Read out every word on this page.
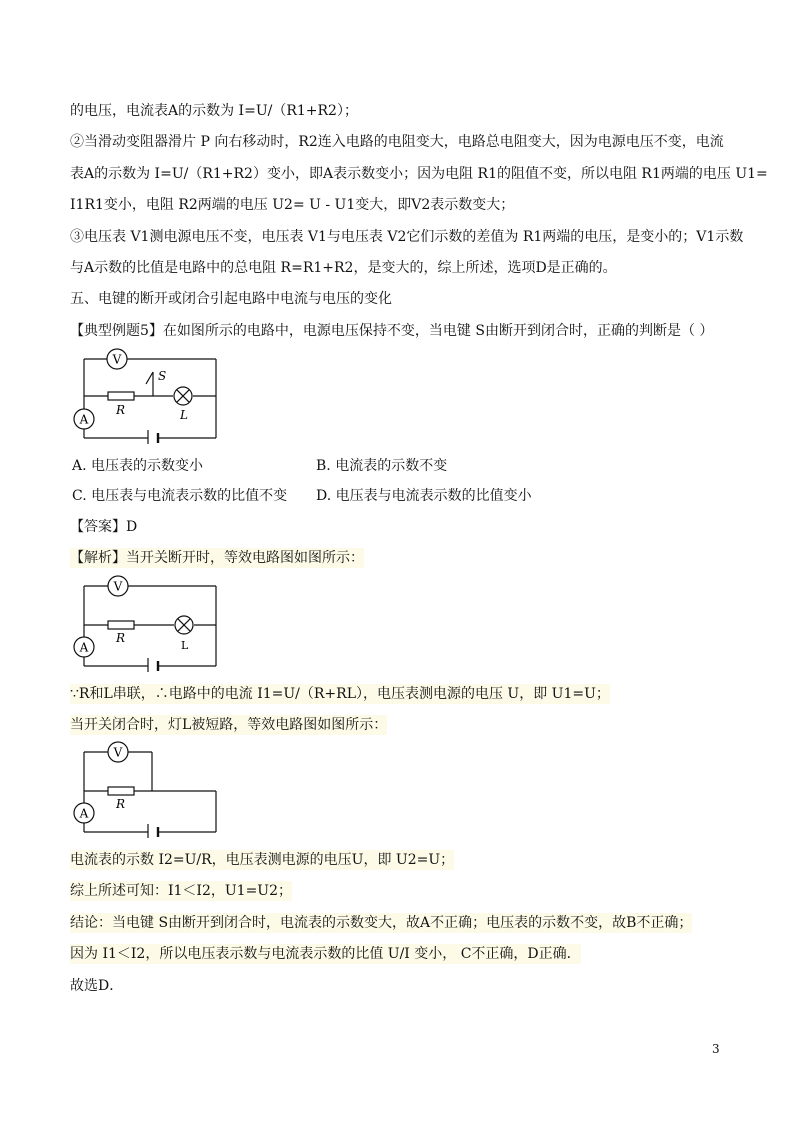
的电压，电流表A的示数为 I=U/（R1+R2）；
②当滑动变阻器滑片 P 向右移动时，R2连入电路的电阻变大，电路总电阻变大，因为电源电压不变，电流
表A的示数为 I=U/（R1+R2）变小，即A表示数变小；因为电阻 R1的阻值不变，所以电阻 R1两端的电压 U1=
I1R1变小，电阻 R2两端的电压 U2= U - U1变大，即V2表示数变大；
③电压表 V1测电源电压不变，电压表 V1与电压表 V2它们示数的差值为 R1两端的电压，是变小的；V1示数
与A示数的比值是电路中的总电阻 R=R1+R2，是变大的，综上所述，选项D是正确的。
五、电键的断开或闭合引起电路中电流与电压的变化
【典型例题5】在如图所示的电路中，电源电压保持不变，当电键 S由断开到闭合时，正确的判断是（ ）
V
A
S
R	L
A. 电压表的示数变小	B. 电流表的示数不变
C. 电压表与电流表示数的比值不变 D. 电压表与电流表示数的比值变小
【答案】D
【解析】当开关断开时，等效电路图如图所示：
V
A
R
L
∵R和L串联，∴电路中的电流 I1=U/（R+RL），电压表测电源的电压 U，即 U1=U；
当开关闭合时，灯L被短路，等效电路图如图所示：
V
A
R
电流表的示数 I2=U/R，电压表测电源的电压U，即 U2=U；
综上所述可知：I1＜I2，U1=U2；
结论：当电键 S由断开到闭合时，电流表的示数变大，故A不正确；电压表的示数不变，故B不正确；
因为 I1＜I2，所以电压表示数与电流表示数的比值 U/I 变小， C不正确，D正确．
故选D．
3
